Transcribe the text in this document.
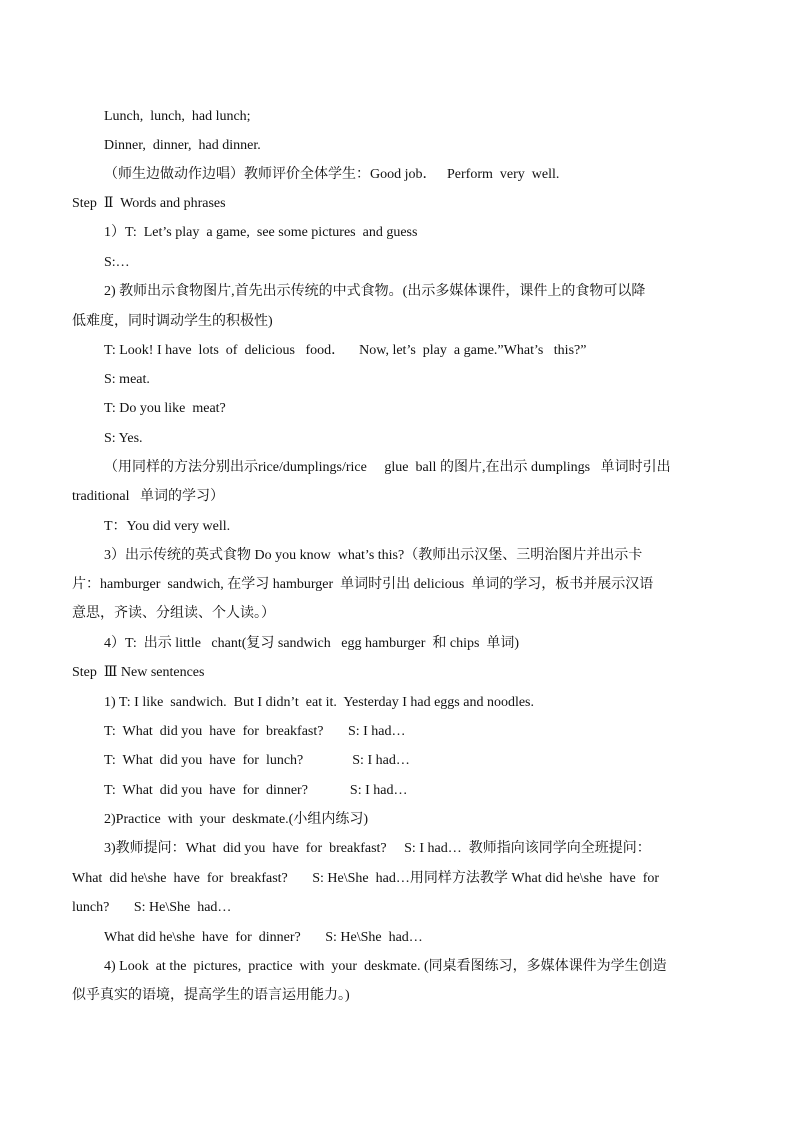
Lunch,  lunch,  had lunch;
Dinner,  dinner,  had dinner.
（师生边做动作边唱）教师评价全体学生：Good job．   Perform  very  well.
Step  Ⅱ  Words and phrases
1）T:  Let’s play  a game,  see some pictures  and guess
S:…
2) 教师出示食物图片,首先出示传统的中式食物。(出示多媒体课件，课件上的食物可以降
低难度，同时调动学生的积极性)
T: Look! I have  lots  of  delicious   food．    Now, let’s  play  a game.”What’s   this?”
S: meat.
T: Do you like  meat?
S: Yes.
（用同样的方法分别出示rice/dumplings/rice     glue  ball 的图片,在出示 dumplings   单词时引出
traditional   单词的学习）
T：You did very well.
3）出示传统的英式食物 Do you know  what’s this?（教师出示汉堡、三明治图片并出示卡
片：hamburger  sandwich, 在学习 hamburger  单词时引出 delicious  单词的学习，板书并展示汉语
意思，齐读、分组读、个人读。）
4）T:  出示 little   chant(复习 sandwich   egg hamburger  和 chips  单词)
Step  Ⅲ New sentences
1) T: I like  sandwich.  But I didn’t  eat it.  Yesterday I had eggs and noodles.
T:  What  did you  have  for  breakfast?       S: I had…
T:  What  did you  have  for  lunch?              S: I had…
T:  What  did you  have  for  dinner?            S: I had…
2)Practice  with  your  deskmate.(小组内练习)
3)教师提问：What  did you  have  for  breakfast?     S: I had…  教师指向该同学向全班提问：
What  did he\she  have  for  breakfast?       S: He\She  had…用同样方法教学 What did he\she  have  for
lunch?       S: He\She  had…
What did he\she  have  for  dinner?       S: He\She  had…
4) Look  at the  pictures,  practice  with  your  deskmate. (同桌看图练习，多媒体课件为学生创造
似乎真实的语境，提高学生的语言运用能力。)
